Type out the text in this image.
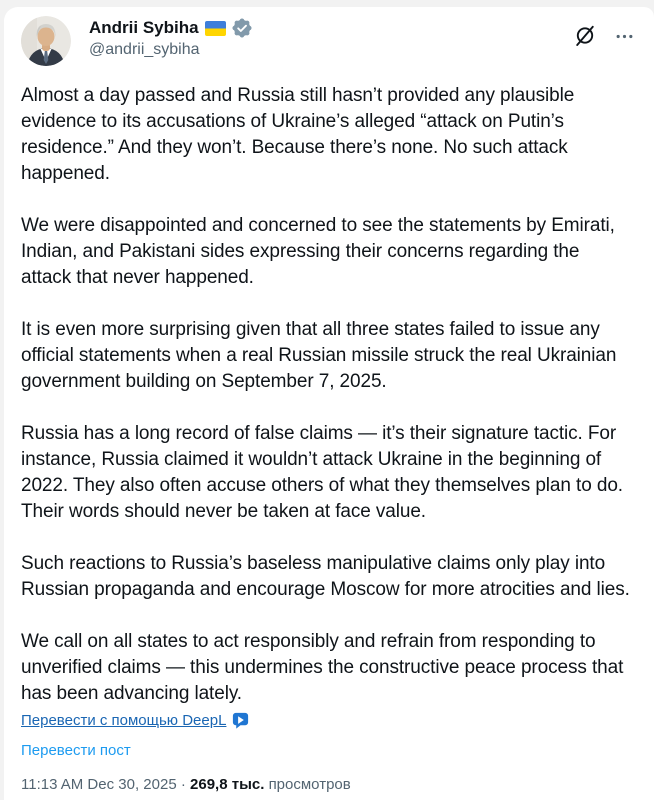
Andrii Sybiha
@andrii_sybiha

Almost a day passed and Russia still hasn’t provided any plausible evidence to its accusations of Ukraine’s alleged “attack on Putin’s residence.” And they won’t. Because there’s none. No such attack happened.

We were disappointed and concerned to see the statements by Emirati, Indian, and Pakistani sides expressing their concerns regarding the attack that never happened.

It is even more surprising given that all three states failed to issue any official statements when a real Russian missile struck the real Ukrainian government building on September 7, 2025.

Russia has a long record of false claims — it’s their signature tactic. For instance, Russia claimed it wouldn’t attack Ukraine in the beginning of 2022. They also often accuse others of what they themselves plan to do. Their words should never be taken at face value.

Such reactions to Russia’s baseless manipulative claims only play into Russian propaganda and encourage Moscow for more atrocities and lies.

We call on all states to act responsibly and refrain from responding to unverified claims — this undermines the constructive peace process that has been advancing lately.

Перевести с помощью DeepL
Перевести пост
11:13 AM Dec 30, 2025 · 269,8 тыс. просмотров
